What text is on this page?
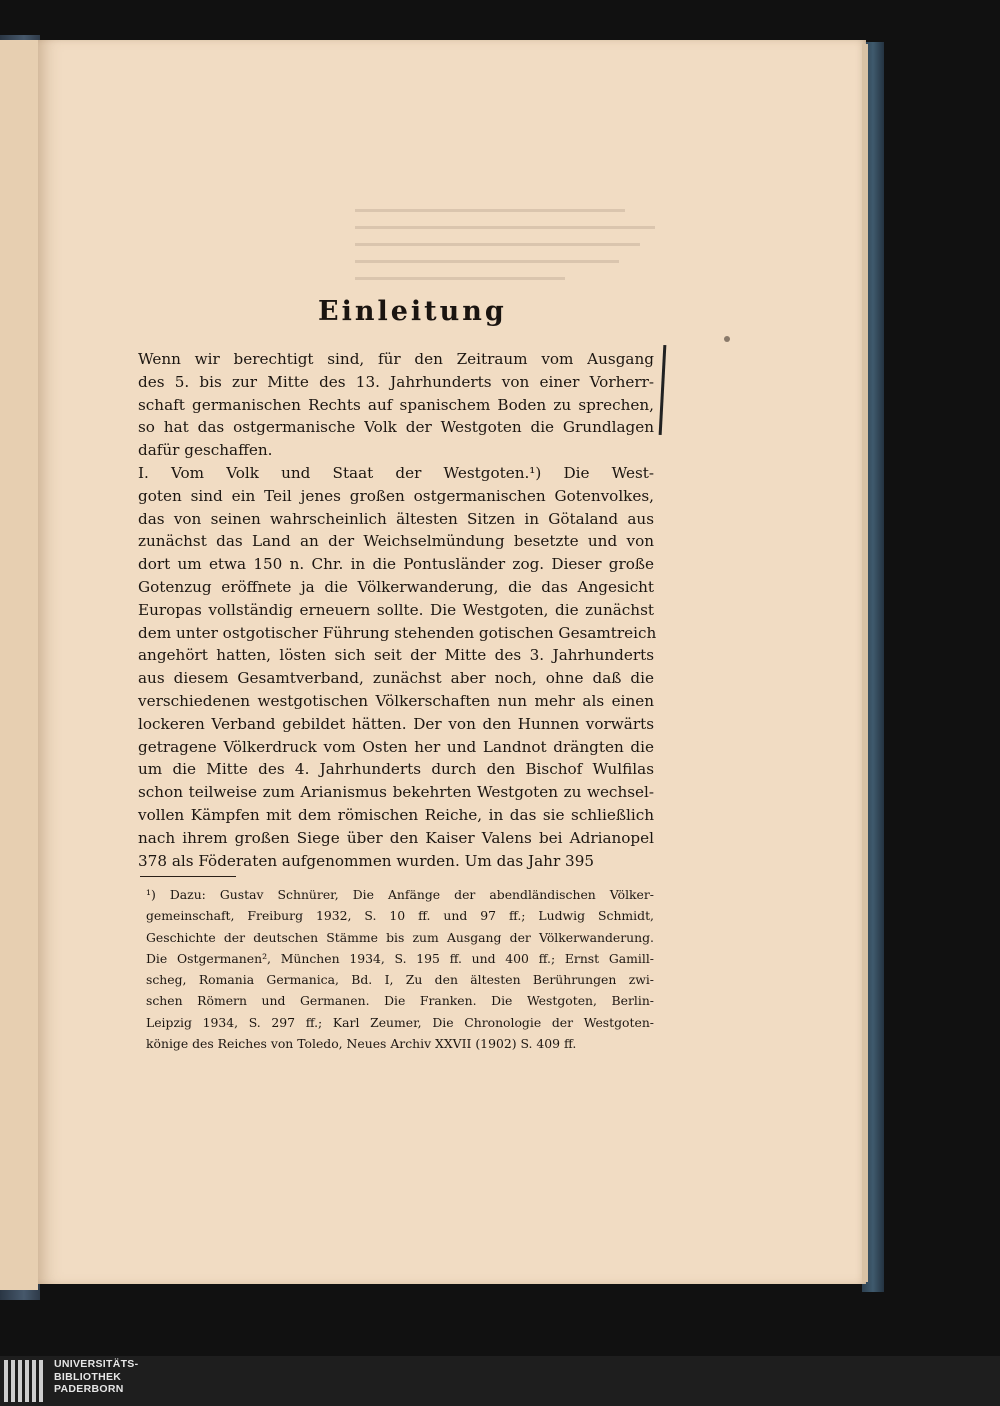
Einleitung
Wenn wir berechtigt sind, für den Zeitraum vom Ausgang
des 5. bis zur Mitte des 13. Jahrhunderts von einer Vorherr-
schaft germanischen Rechts auf spanischem Boden zu sprechen,
so hat das ostgermanische Volk der Westgoten die Grundlagen
dafür geschaffen.
I. Vom Volk und Staat der Westgoten.¹) Die West-
goten sind ein Teil jenes großen ostgermanischen Gotenvolkes,
das von seinen wahrscheinlich ältesten Sitzen in Götaland aus
zunächst das Land an der Weichselmündung besetzte und von
dort um etwa 150 n. Chr. in die Pontusländer zog. Dieser große
Gotenzug eröffnete ja die Völkerwanderung, die das Angesicht
Europas vollständig erneuern sollte. Die Westgoten, die zunächst
dem unter ostgotischer Führung stehenden gotischen Gesamtreich
angehört hatten, lösten sich seit der Mitte des 3. Jahrhunderts
aus diesem Gesamtverband, zunächst aber noch, ohne daß die
verschiedenen westgotischen Völkerschaften nun mehr als einen
lockeren Verband gebildet hätten. Der von den Hunnen vorwärts
getragene Völkerdruck vom Osten her und Landnot drängten die
um die Mitte des 4. Jahrhunderts durch den Bischof Wulfilas
schon teilweise zum Arianismus bekehrten Westgoten zu wechsel-
vollen Kämpfen mit dem römischen Reiche, in das sie schließlich
nach ihrem großen Siege über den Kaiser Valens bei Adrianopel
378 als Föderaten aufgenommen wurden. Um das Jahr 395
¹) Dazu: Gustav Schnürer, Die Anfänge der abendländischen Völker-
gemeinschaft, Freiburg 1932, S. 10 ff. und 97 ff.; Ludwig Schmidt,
Geschichte der deutschen Stämme bis zum Ausgang der Völkerwanderung.
Die Ostgermanen², München 1934, S. 195 ff. und 400 ff.; Ernst Gamill-
scheg, Romania Germanica, Bd. I, Zu den ältesten Berührungen zwi-
schen Römern und Germanen. Die Franken. Die Westgoten, Berlin-
Leipzig 1934, S. 297 ff.; Karl Zeumer, Die Chronologie der Westgoten-
könige des Reiches von Toledo, Neues Archiv XXVII (1902) S. 409 ff.
UNIVERSITÄTS-
BIBLIOTHEK
PADERBORN
